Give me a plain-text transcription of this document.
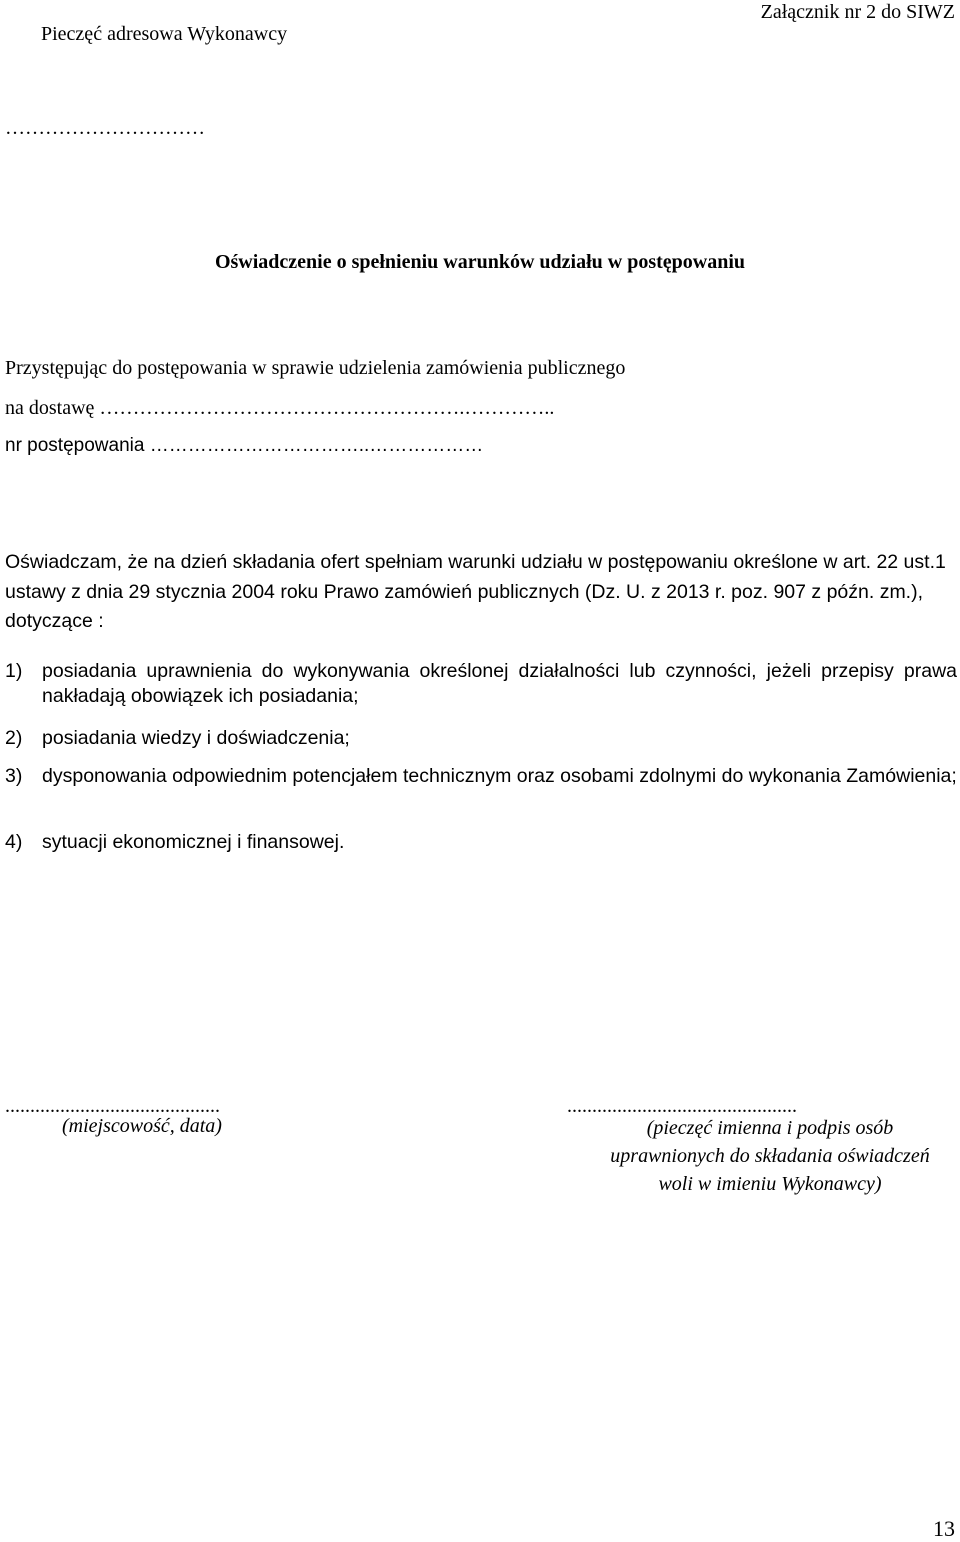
Pieczęć adresowa Wykonawcy
Załącznik nr 2 do SIWZ
…………………………
Oświadczenie o spełnieniu warunków udziału w postępowaniu
Przystępując do postępowania w sprawie udzielenia zamówienia publicznego
na dostawę ……………………………………………….…………..
nr postępowania ……………………………..………………
Oświadczam, że na dzień składania ofert spełniam warunki udziału w postępowaniu określone w art. 22 ust.1 ustawy z dnia 29 stycznia 2004 roku Prawo zamówień publicznych (Dz. U. z 2013 r. poz. 907 z późn. zm.), dotyczące :
1) posiadania uprawnienia do wykonywania określonej działalności lub czynności, jeżeli przepisy prawa nakładają obowiązek ich posiadania;
2) posiadania wiedzy i doświadczenia;
3) dysponowania odpowiednim potencjałem technicznym oraz osobami zdolnymi do wykonania Zamówienia;
4) sytuacji ekonomicznej i finansowej.
...........................................
(miejscowość, data)
..............................................
(pieczęć imienna i podpis osób
uprawnionych do składania oświadczeń
woli w imieniu Wykonawcy)
13
